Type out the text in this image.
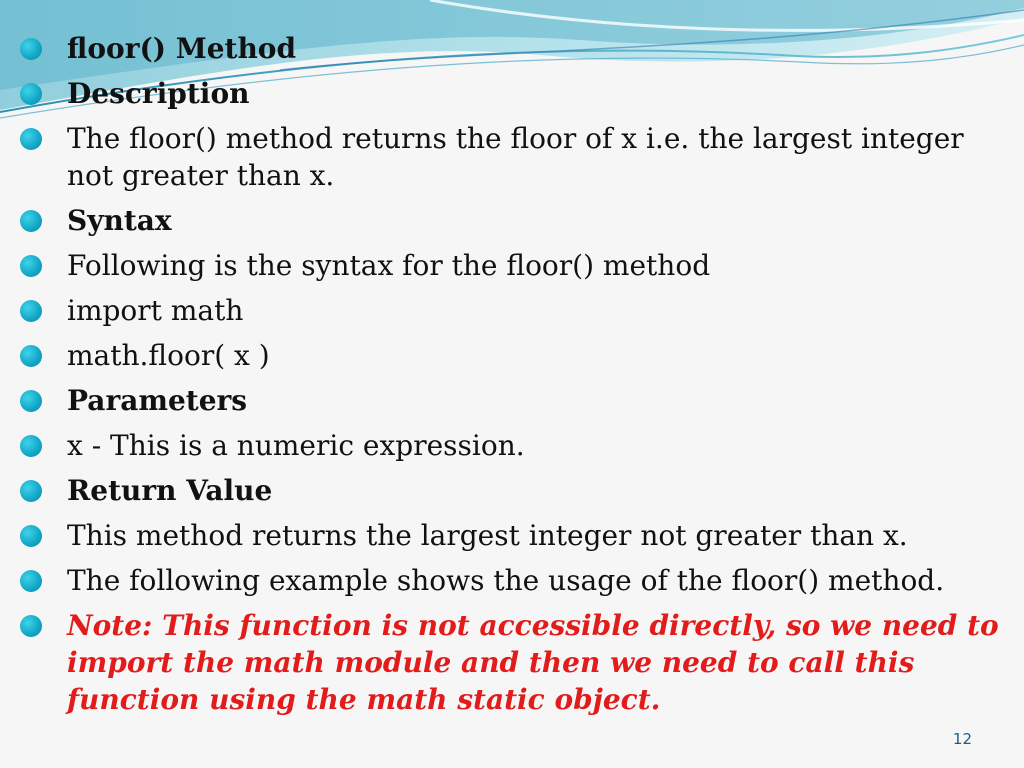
floor() Method
Description
The floor() method returns the floor of x i.e. the largest integer not greater than x.
Syntax
Following is the syntax for the floor() method
import math
math.floor( x )
Parameters
x - This is a numeric expression.
Return Value
This method returns the largest integer not greater than x.
The following example shows the usage of the floor() method.
Note: This function is not accessible directly, so we need to import the math module and then we need to call this function using the math static object.
12
